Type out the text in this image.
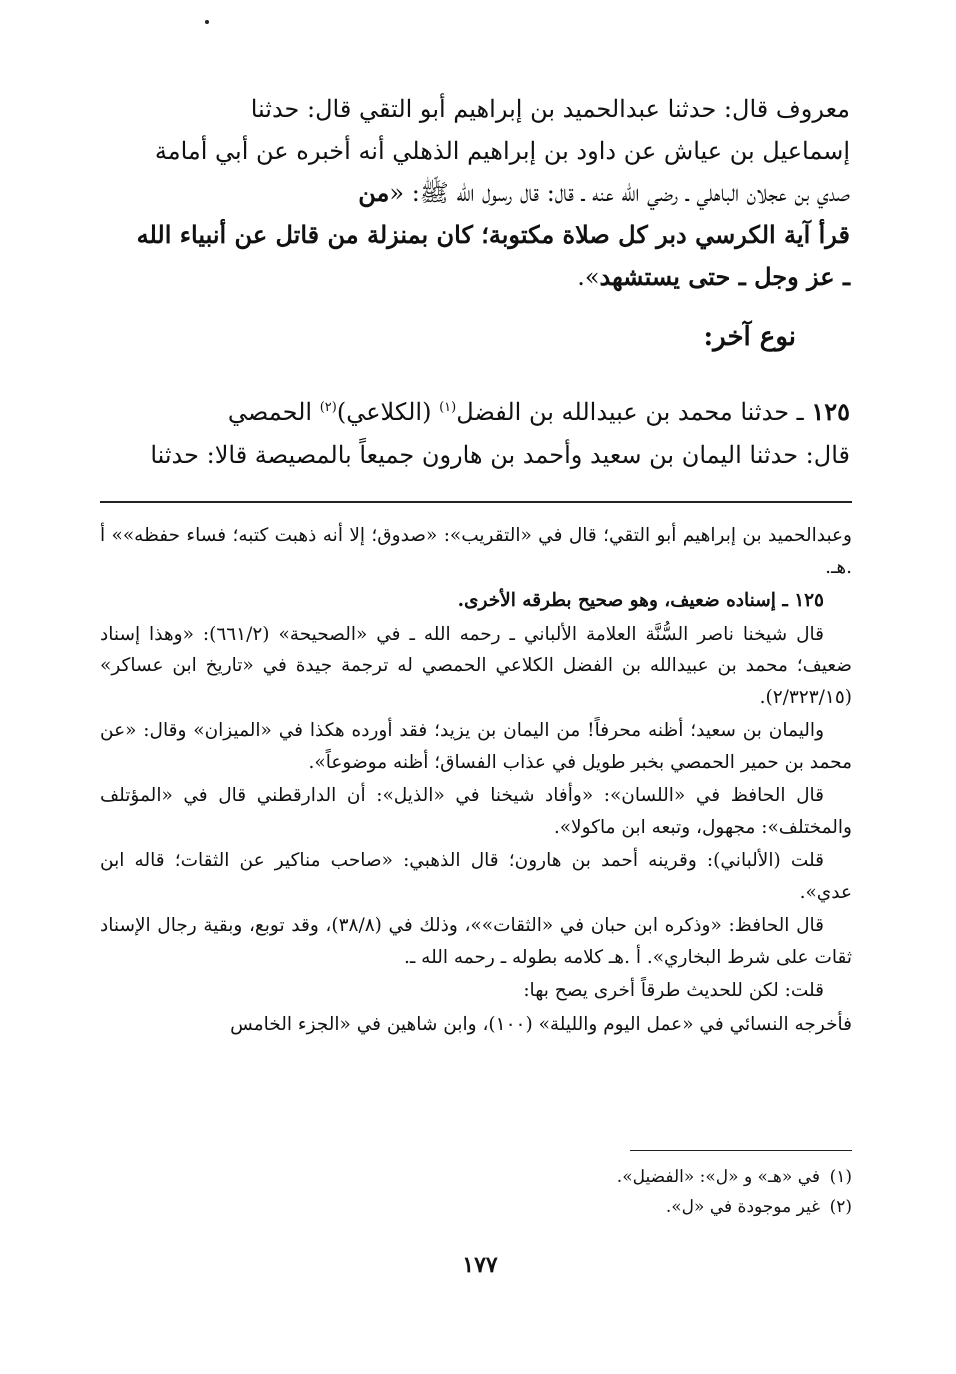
معروف قال: حدثنا عبدالحميد بن إبراهيم أبو التقي قال: حدثنا

إسماعيل بن عياش عن داود بن إبراهيم الذهلي أنه أخبره عن أبي أمامة

صدي بن عجلان الباهلي ـ رضي الله عنه ـ قال: قال رسول الله ﷺ: «من

قرأ آية الكرسي دبر كل صلاة مكتوبة؛ كان بمنزلة من قاتل عن أنبياء الله

ـ عز وجل ـ حتى يستشهد».

نوع آخر:

١٢٥ ـ حدثنا محمد بن عبيدالله بن الفضل$^{(١)}$ (الكلاعي)$^{(٢)}$ الحمصي

قال: حدثنا اليمان بن سعيد وأحمد بن هارون جميعاً بالمصيصة قالا: حدثنا

وعبدالحميد بن إبراهيم أبو التقي؛ قال في «التقريب»: «صدوق؛ إلا أنه ذهبت كتبه؛ فساء حفظه»» أ .هـ.

١٢٥ ـ إسناده ضعيف، وهو صحيح بطرقه الأخرى.

قال شيخنا ناصر السُّنَّة العلامة الألباني ـ رحمه الله ـ في «الصحيحة» (٦٦١/٢): «وهذا إسناد ضعيف؛ محمد بن عبيدالله بن الفضل الكلاعي الحمصي له ترجمة جيدة في «تاريخ ابن عساكر» (٢/٣٢٣/١٥).

واليمان بن سعيد؛ أظنه محرفاً! من اليمان بن يزيد؛ فقد أورده هكذا في «الميزان» وقال: «عن محمد بن حمير الحمصي بخبر طويل في عذاب الفساق؛ أظنه موضوعاً».

قال الحافظ في «اللسان»: «وأفاد شيخنا في «الذيل»: أن الدارقطني قال في «المؤتلف والمختلف»: مجهول، وتبعه ابن ماكولا».

قلت (الألباني): وقرينه أحمد بن هارون؛ قال الذهبي: «صاحب مناكير عن الثقات؛ قاله ابن عدي».

قال الحافظ: «وذكره ابن حبان في «الثقات»»، وذلك في (٣٨/٨)، وقد توبع، وبقية رجال الإسناد ثقات على شرط البخاري». أ .هـ كلامه بطوله ـ رحمه الله ـ.

قلت: لكن للحديث طرقاً أخرى يصح بها:

فأخرجه النسائي في «عمل اليوم والليلة» (١٠٠)، وابن شاهين في «الجزء الخامس

(١)في «هـ» و «ل»: «الفضيل».
(٢)غير موجودة في «ل».
١٧٧
